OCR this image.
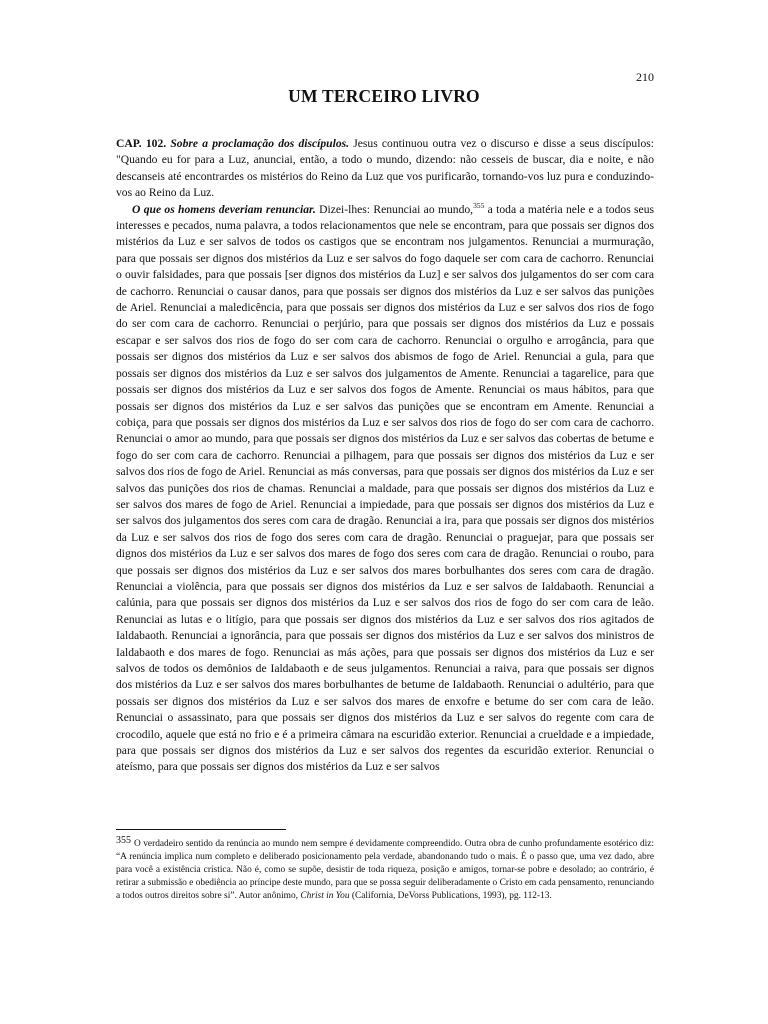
210
UM TERCEIRO LIVRO

CAP. 102. Sobre a proclamação dos discípulos. Jesus continuou outra vez o discurso e disse a seus discípulos: "Quando eu for para a Luz, anunciai, então, a todo o mundo, dizendo: não cesseis de buscar, dia e noite, e não descanseis até encontrardes os mistérios do Reino da Luz que vos purificarão, tornando-vos luz pura e conduzindo-vos ao Reino da Luz.

O que os homens deveriam renunciar. Dizei-lhes: Renunciai ao mundo,$^{355}$ a toda a matéria nele e a todos seus interesses e pecados, numa palavra, a todos relacionamentos que nele se encontram, para que possais ser dignos dos mistérios da Luz e ser salvos de todos os castigos que se encontram nos julgamentos. Renunciai a murmuração, para que possais ser dignos dos mistérios da Luz e ser salvos do fogo daquele ser com cara de cachorro. Renunciai o ouvir falsidades, para que possais [ser dignos dos mistérios da Luz] e ser salvos dos julgamentos do ser com cara de cachorro. Renunciai o causar danos, para que possais ser dignos dos mistérios da Luz e ser salvos das punições de Ariel. Renunciai a maledicência, para que possais ser dignos dos mistérios da Luz e ser salvos dos rios de fogo do ser com cara de cachorro. Renunciai o perjúrio, para que possais ser dignos dos mistérios da Luz e possais escapar e ser salvos dos rios de fogo do ser com cara de cachorro. Renunciai o orgulho e arrogância, para que possais ser dignos dos mistérios da Luz e ser salvos dos abismos de fogo de Ariel. Renunciai a gula, para que possais ser dignos dos mistérios da Luz e ser salvos dos julgamentos de Amente. Renunciai a tagarelice, para que possais ser dignos dos mistérios da Luz e ser salvos dos fogos de Amente. Renunciai os maus hábitos, para que possais ser dignos dos mistérios da Luz e ser salvos das punições que se encontram em Amente. Renunciai a cobiça, para que possais ser dignos dos mistérios da Luz e ser salvos dos rios de fogo do ser com cara de cachorro. Renunciai o amor ao mundo, para que possais ser dignos dos mistérios da Luz e ser salvos das cobertas de betume e fogo do ser com cara de cachorro. Renunciai a pilhagem, para que possais ser dignos dos mistérios da Luz e ser salvos dos rios de fogo de Ariel. Renunciai as más conversas, para que possais ser dignos dos mistérios da Luz e ser salvos das punições dos rios de chamas. Renunciai a maldade, para que possais ser dignos dos mistérios da Luz e ser salvos dos mares de fogo de Ariel. Renunciai a impiedade, para que possais ser dignos dos mistérios da Luz e ser salvos dos julgamentos dos seres com cara de dragão. Renunciai a ira, para que possais ser dignos dos mistérios da Luz e ser salvos dos rios de fogo dos seres com cara de dragão. Renunciai o praguejar, para que possais ser dignos dos mistérios da Luz e ser salvos dos mares de fogo dos seres com cara de dragão. Renunciai o roubo, para que possais ser dignos dos mistérios da Luz e ser salvos dos mares borbulhantes dos seres com cara de dragão. Renunciai a violência, para que possais ser dignos dos mistérios da Luz e ser salvos de Ialdabaoth. Renunciai a calúnia, para que possais ser dignos dos mistérios da Luz e ser salvos dos rios de fogo do ser com cara de leão. Renunciai as lutas e o litígio, para que possais ser dignos dos mistérios da Luz e ser salvos dos rios agitados de Ialdabaoth. Renunciai a ignorância, para que possais ser dignos dos mistérios da Luz e ser salvos dos ministros de Ialdabaoth e dos mares de fogo. Renunciai as más ações, para que possais ser dignos dos mistérios da Luz e ser salvos de todos os demônios de Ialdabaoth e de seus julgamentos. Renunciai a raiva, para que possais ser dignos dos mistérios da Luz e ser salvos dos mares borbulhantes de betume de Ialdabaoth. Renunciai o adultério, para que possais ser dignos dos mistérios da Luz e ser salvos dos mares de enxofre e betume do ser com cara de leão. Renunciai o assassinato, para que possais ser dignos dos mistérios da Luz e ser salvos do regente com cara de crocodilo, aquele que está no frio e é a primeira câmara na escuridão exterior. Renunciai a crueldade e a impiedade, para que possais ser dignos dos mistérios da Luz e ser salvos dos regentes da escuridão exterior. Renunciai o ateísmo, para que possais ser dignos dos mistérios da Luz e ser salvos

355 O verdadeiro sentido da renúncia ao mundo nem sempre é devidamente compreendido. Outra obra de cunho profundamente esotérico diz: “A renúncia implica num completo e deliberado posicionamento pela verdade, abandonando tudo o mais. É o passo que, uma vez dado, abre para você a existência crística. Não é, como se supõe, desistir de toda riqueza, posição e amigos, tornar-se pobre e desolado; ao contrário, é retirar a submissão e obediência ao príncipe deste mundo, para que se possa seguir deliberadamente o Cristo em cada pensamento, renunciando a todos outros direitos sobre si”. Autor anônimo, Christ in You (California, DeVorss Publications, 1993), pg. 112-13.
